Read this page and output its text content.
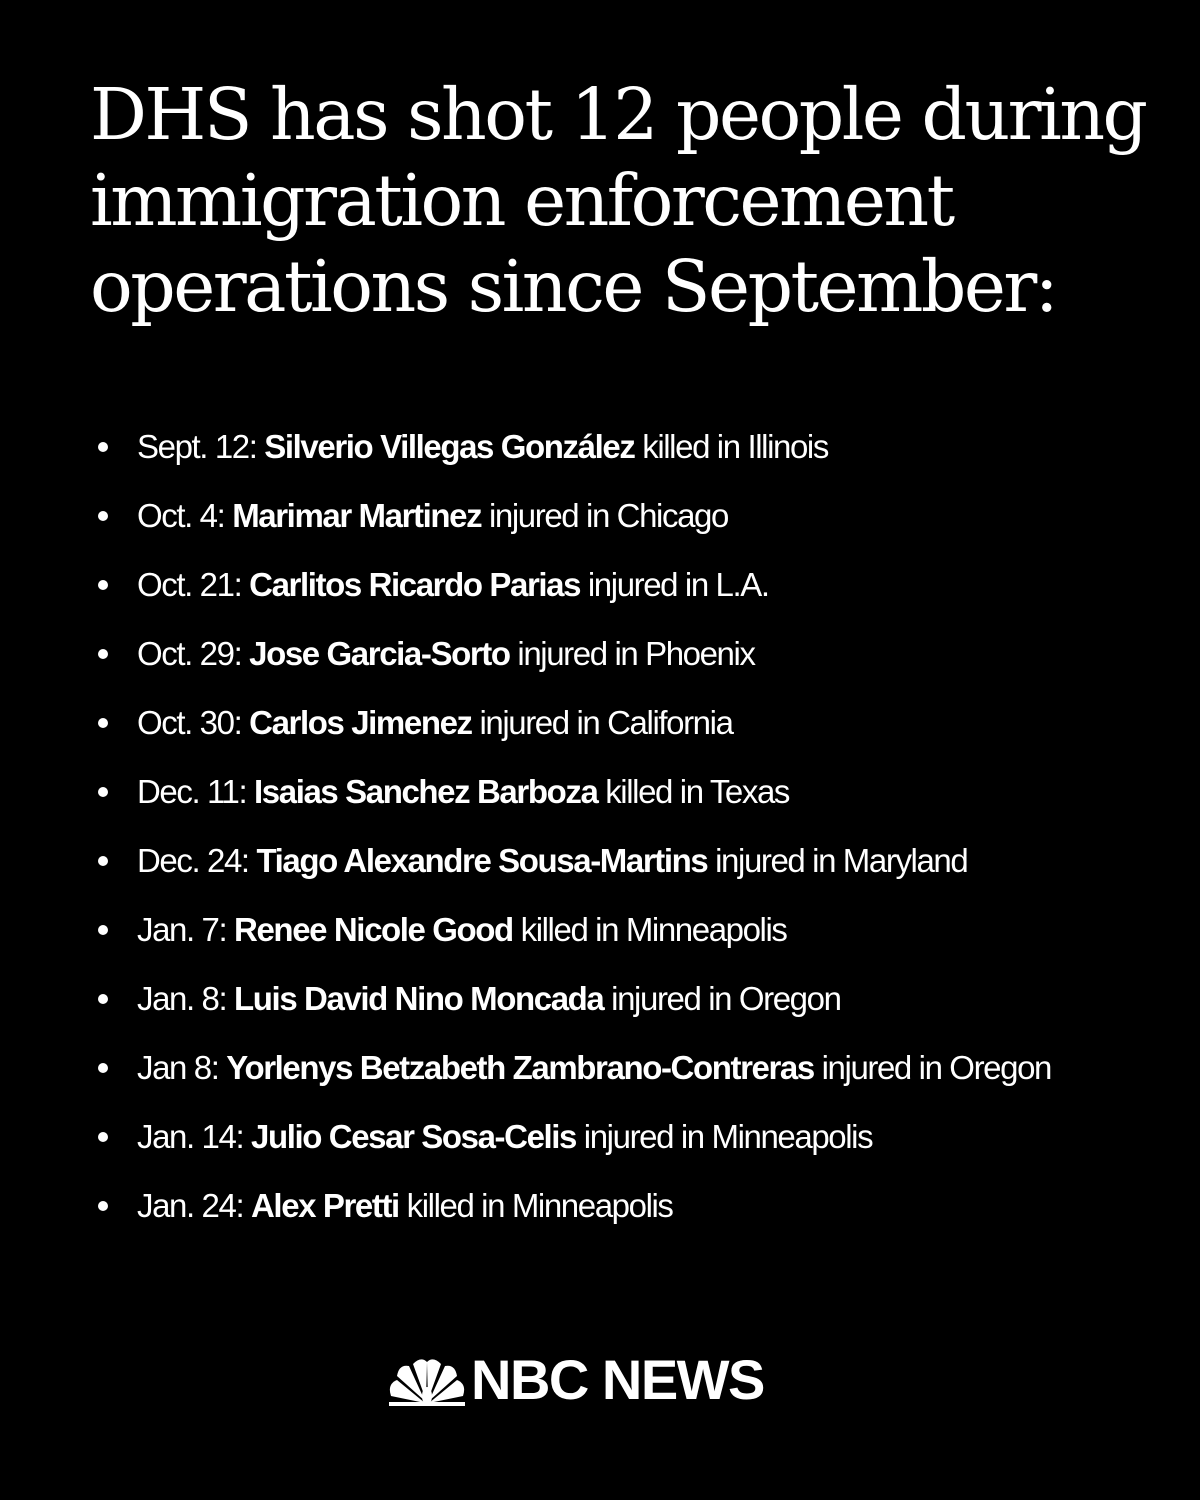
DHS has shot 12 people during immigration enforcement operations since September:
Sept. 12: Silverio Villegas González killed in Illinois
Oct. 4: Marimar Martinez injured in Chicago
Oct. 21: Carlitos Ricardo Parias injured in L.A.
Oct. 29: Jose Garcia-Sorto injured in Phoenix
Oct. 30: Carlos Jimenez injured in California
Dec. 11: Isaias Sanchez Barboza killed in Texas
Dec. 24: Tiago Alexandre Sousa-Martins injured in Maryland
Jan. 7: Renee Nicole Good killed in Minneapolis
Jan. 8: Luis David Nino Moncada injured in Oregon
Jan 8: Yorlenys Betzabeth Zambrano-Contreras injured in Oregon
Jan. 14: Julio Cesar Sosa-Celis injured in Minneapolis
Jan. 24: Alex Pretti killed in Minneapolis
NBC NEWS
